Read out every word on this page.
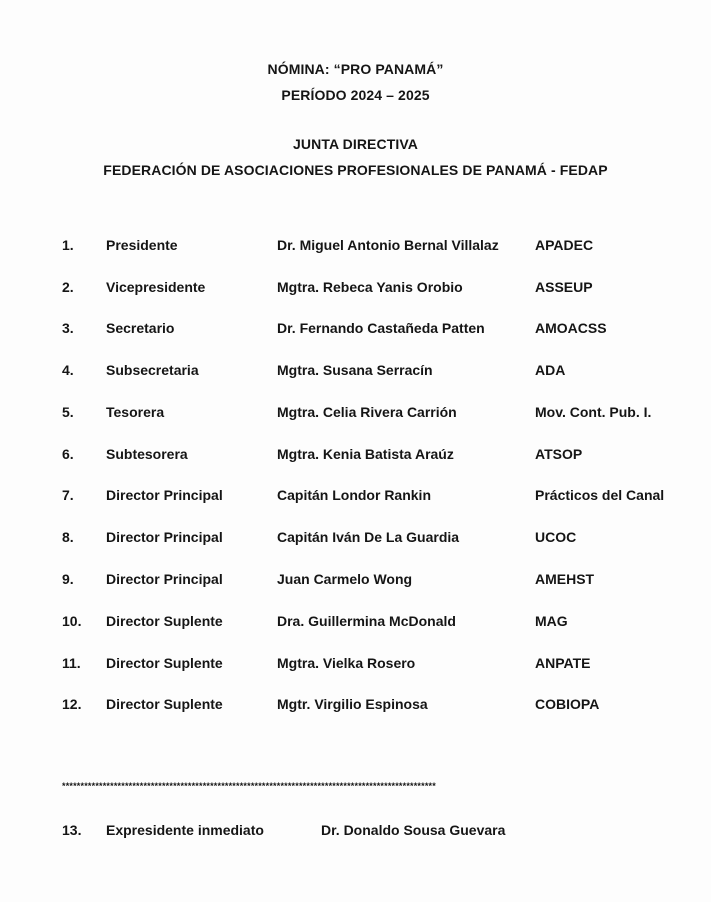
NÓMINA: “PRO PANAMÁ”
PERÍODO 2024 – 2025
JUNTA DIRECTIVA
FEDERACIÓN DE ASOCIACIONES PROFESIONALES DE PANAMÁ - FEDAP
1. Presidente	Dr. Miguel Antonio Bernal Villalaz	APADEC
2. Vicepresidente	Mgtra. Rebeca Yanis Orobio	ASSEUP
3. Secretario	Dr. Fernando Castañeda Patten	AMOACSS
4. Subsecretaria	Mgtra. Susana Serracín	ADA
5. Tesorera	Mgtra. Celia Rivera Carrión	Mov. Cont. Pub. I.
6. Subtesorera	Mgtra. Kenia Batista Araúz	ATSOP
7. Director Principal	Capitán Londor Rankin	Prácticos del Canal
8. Director Principal	Capitán Iván De La Guardia	UCOC
9. Director Principal	Juan Carmelo Wong	AMEHST
10. Director Suplente	Dra. Guillermina McDonald	MAG
11. Director Suplente	Mgtra. Vielka Rosero	ANPATE
12. Director Suplente	Mgtr. Virgilio Espinosa	COBIOPA
*****************************************************************************************************
13. Expresidente inmediato	Dr. Donaldo Sousa Guevara
